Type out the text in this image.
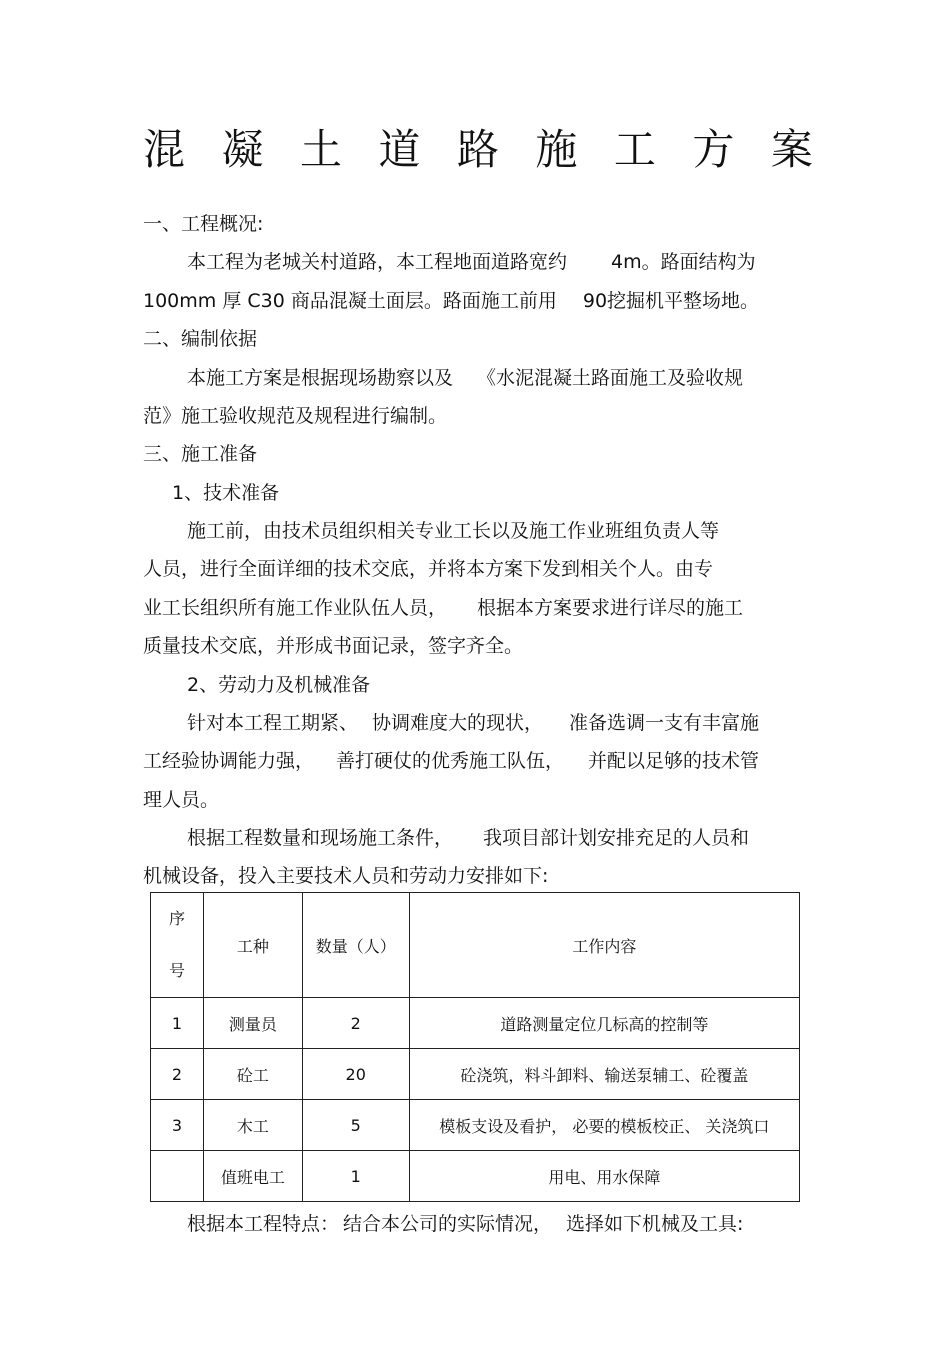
混 凝 土 道 路 施 工 方 案
一、工程概况:
本工程为老城关村道路，本工程地面道路宽约 4m。路面结构为
100mm 厚 C30 商品混凝土面层。路面施工前用 90挖掘机平整场地。
二、编制依据
本施工方案是根据现场勘察以及 《水泥混凝土路面施工及验收规
范》施工验收规范及规程进行编制。
三、施工准备
1、技术准备
施工前，由技术员组织相关专业工长以及施工作业班组负责人等
人员，进行全面详细的技术交底，并将本方案下发到相关个人。由专
业工长组织所有施工作业队伍人员， 根据本方案要求进行详尽的施工
质量技术交底，并形成书面记录，签字齐全。
2、劳动力及机械准备
针对本工程工期紧、 协调难度大的现状， 准备选调一支有丰富施
工经验协调能力强， 善打硬仗的优秀施工队伍， 并配以足够的技术管
理人员。
根据工程数量和现场施工条件， 我项目部计划安排充足的人员和
机械设备，投入主要技术人员和劳动力安排如下:
序
号	工种	数量（人）	工作内容
1	测量员	2	道路测量定位几标高的控制等
2	砼工	20	砼浇筑，料斗卸料、输送泵辅工、砼覆盖
3	木工	5	模板支设及看护， 必要的模板校正、 关浇筑口
	值班电工	1	用电、用水保障
根据本工程特点： 结合本公司的实际情况， 选择如下机械及工具:
